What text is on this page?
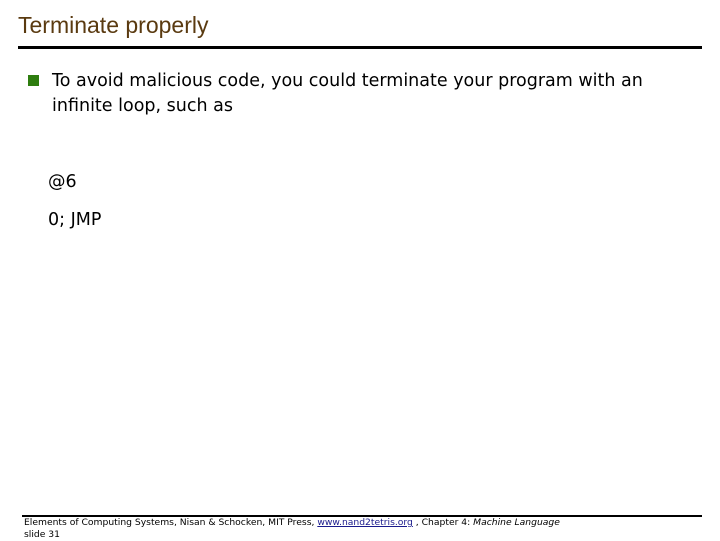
Terminate properly
To avoid malicious code, you could terminate your program with an infinite loop, such as
@6
0; JMP
Elements of Computing Systems, Nisan & Schocken, MIT Press, www.nand2tetris.org , Chapter 4: Machine Language
slide 31
